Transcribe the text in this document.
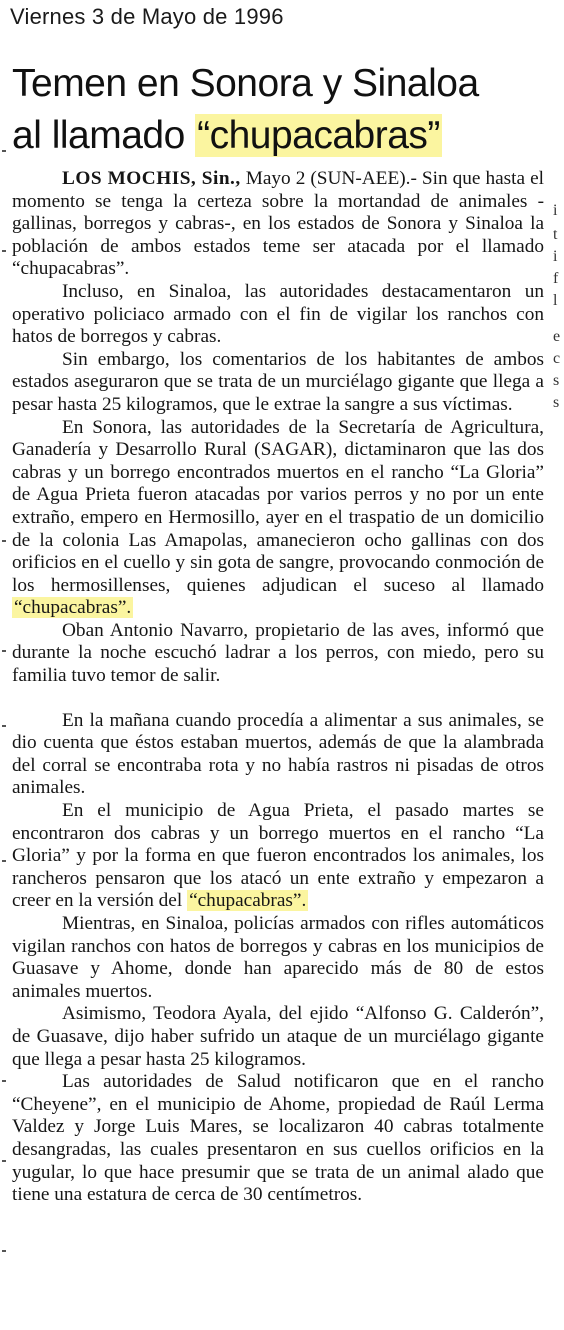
Viernes 3 de Mayo de 1996
Temen en Sonora y Sinaloa
al llamado “chupacabras”

LOS MOCHIS, Sin., Mayo 2 (SUN-AEE).- Sin que hasta el momento se tenga la certeza sobre la mortandad de animales -gallinas, borregos y cabras-, en los estados de Sonora y Sinaloa la población de ambos estados teme ser atacada por el llamado “chupacabras”.

Incluso, en Sinaloa, las autoridades destacamentaron un operativo policiaco armado con el fin de vigilar los ranchos con hatos de borregos y cabras.

Sin embargo, los comentarios de los habitantes de ambos estados aseguraron que se trata de un murciélago gigante que llega a pesar hasta 25 kilogramos, que le extrae la sangre a sus víctimas.

En Sonora, las autoridades de la Secretaría de Agricultura, Ganadería y Desarrollo Rural (SAGAR), dictaminaron que las dos cabras y un borrego encontrados muertos en el rancho “La Gloria” de Agua Prieta fueron atacadas por varios perros y no por un ente extraño, empero en Hermosillo, ayer en el traspatio de un domicilio de la colonia Las Amapolas, amanecieron ocho gallinas con dos orificios en el cuello y sin gota de sangre, provocando conmoción de los hermosillenses, quienes adjudican el suceso al llamado “chupacabras”.

Oban Antonio Navarro, propietario de las aves, informó que durante la noche escuchó ladrar a los perros, con miedo, pero su familia tuvo temor de salir.

En la mañana cuando procedía a alimentar a sus animales, se dio cuenta que éstos estaban muertos, además de que la alambrada del corral se encontraba rota y no había rastros ni pisadas de otros animales.

En el municipio de Agua Prieta, el pasado martes se encontraron dos cabras y un borrego muertos en el rancho “La Gloria” y por la forma en que fueron encontrados los animales, los rancheros pensaron que los atacó un ente extraño y empezaron a creer en la versión del “chupacabras”.

Mientras, en Sinaloa, policías armados con rifles automáticos vigilan ranchos con hatos de borregos y cabras en los municipios de Guasave y Ahome, donde han aparecido más de 80 de estos animales muertos.

Asimismo, Teodora Ayala, del ejido “Alfonso G. Calderón”, de Guasave, dijo haber sufrido un ataque de un murciélago gigante que llega a pesar hasta 25 kilogramos.

Las autoridades de Salud notificaron que en el rancho “Cheyene”, en el municipio de Ahome, propiedad de Raúl Lerma Valdez y Jorge Luis Mares, se localizaron 40 cabras totalmente desangradas, las cuales presentaron en sus cuellos orificios en la yugular, lo que hace presumir que se trata de un animal alado que tiene una estatura de cerca de 30 centímetros.

i
t
i
f
l
e
c
s
s
